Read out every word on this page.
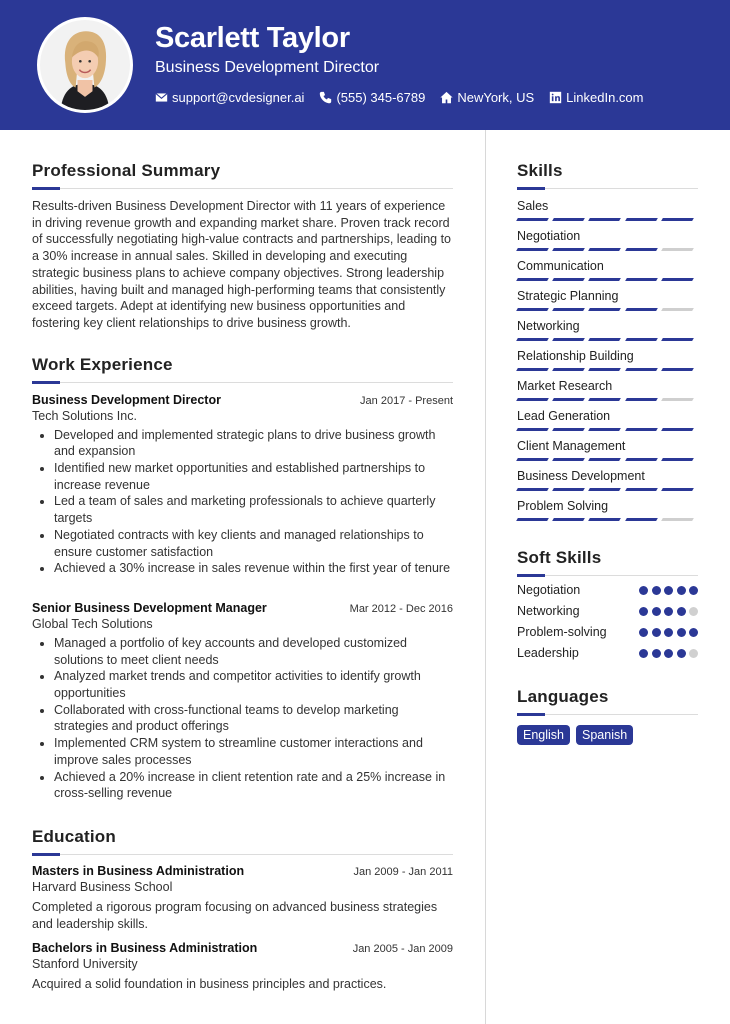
Scarlett Taylor
Business Development Director
support@cvdesigner.ai (555) 345-6789 NewYork, US LinkedIn.com
Professional Summary
Results-driven Business Development Director with 11 years of experience in driving revenue growth and expanding market share. Proven track record of successfully negotiating high-value contracts and partnerships, leading to a 30% increase in annual sales. Skilled in developing and executing strategic business plans to achieve company objectives. Strong leadership abilities, having built and managed high-performing teams that consistently exceed targets. Adept at identifying new business opportunities and fostering key client relationships to drive business growth.
Work Experience
Business Development Director	Jan 2017 - Present
Tech Solutions Inc.
• Developed and implemented strategic plans to drive business growth and expansion
• Identified new market opportunities and established partnerships to increase revenue
• Led a team of sales and marketing professionals to achieve quarterly targets
• Negotiated contracts with key clients and managed relationships to ensure customer satisfaction
• Achieved a 30% increase in sales revenue within the first year of tenure
Senior Business Development Manager	Mar 2012 - Dec 2016
Global Tech Solutions
• Managed a portfolio of key accounts and developed customized solutions to meet client needs
• Analyzed market trends and competitor activities to identify growth opportunities
• Collaborated with cross-functional teams to develop marketing strategies and product offerings
• Implemented CRM system to streamline customer interactions and improve sales processes
• Achieved a 20% increase in client retention rate and a 25% increase in cross-selling revenue
Education
Masters in Business Administration	Jan 2009 - Jan 2011
Harvard Business School
Completed a rigorous program focusing on advanced business strategies and leadership skills.
Bachelors in Business Administration	Jan 2005 - Jan 2009
Stanford University
Acquired a solid foundation in business principles and practices.
Skills
Sales
Negotiation
Communication
Strategic Planning
Networking
Relationship Building
Market Research
Lead Generation
Client Management
Business Development
Problem Solving
Soft Skills
Negotiation
Networking
Problem-solving
Leadership
Languages
English	Spanish
